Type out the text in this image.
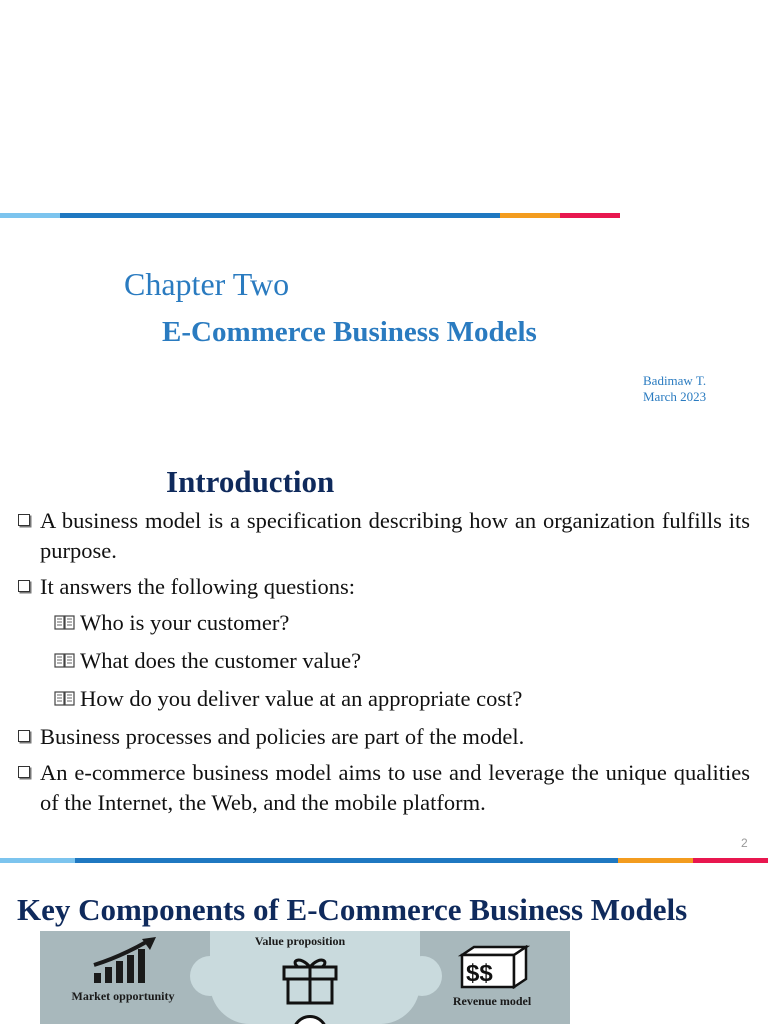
Chapter Two
E-Commerce Business Models
Badimaw T.
March 2023
Introduction
A business model is a specification describing how an organization fulfills its purpose.
It answers the following questions:
Who is your customer?
What does the customer value?
How do you deliver value at an appropriate cost?
Business processes and policies are part of the model.
An e-commerce business model aims to use and leverage the unique qualities of the Internet, the Web, and the mobile platform.
2
Key Components of E-Commerce Business Models
Market opportunity
Value proposition
$$
Revenue model
